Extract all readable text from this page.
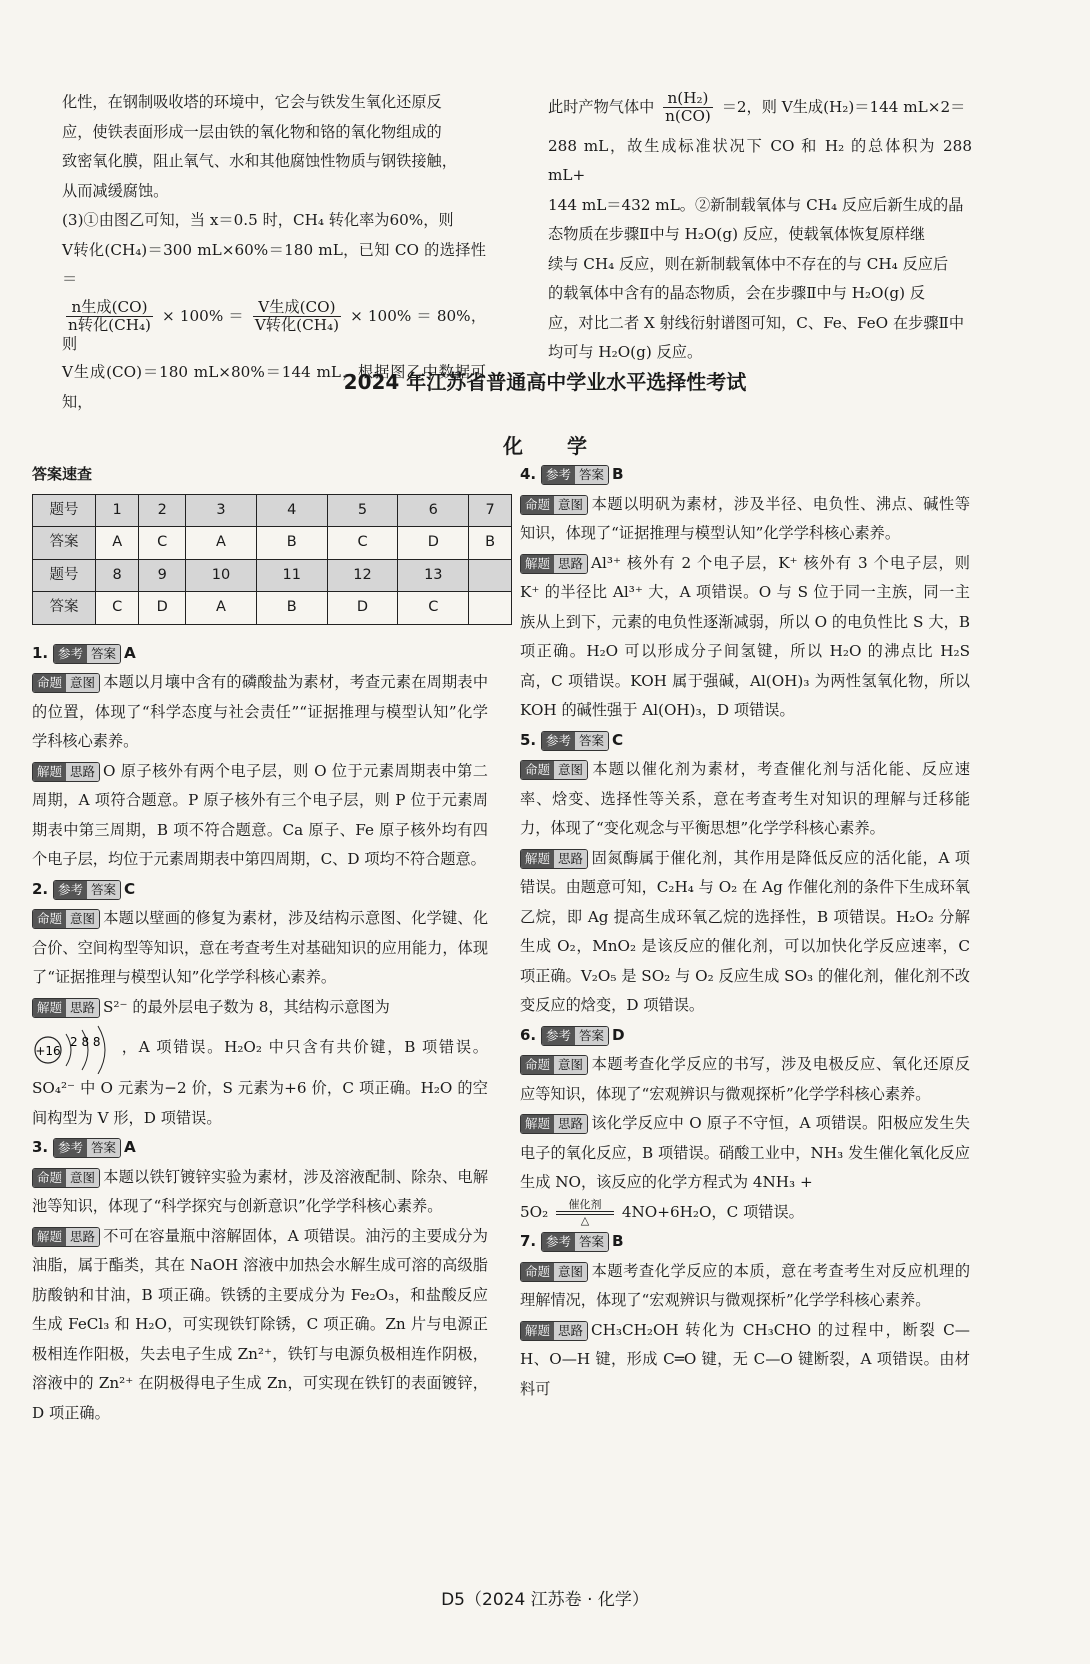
化性，在钢制吸收塔的环境中，它会与铁发生氧化还原反

应，使铁表面形成一层由铁的氧化物和铬的氧化物组成的

致密氧化膜，阻止氧气、水和其他腐蚀性物质与钢铁接触，

从而减缓腐蚀。

(3)①由图乙可知，当 x＝0.5 时，CH₄ 转化率为60%，则

V转化(CH₄)＝300 mL×60%＝180 mL，已知 CO 的选择性＝

$\frac{\text{n生成(CO)}}{\text{n转化(CH₄)}} \times 100\% = \frac{\text{V生成(CO)}}{\text{V转化(CH₄)}} \times 100\% = 80\%$，则

V生成(CO)＝180 mL×80%＝144 mL，根据图乙中数据可知，

此时产物气体中 $\frac{\text{n(H₂)}}{n(CO)} =2$，则 V生成(H₂)＝144 mL×2＝

288 mL，故生成标准状况下 CO 和 H₂ 的总体积为 288 mL+

144 mL＝432 mL。②新制载氧体与 CH₄ 反应后新生成的晶

态物质在步骤Ⅱ中与 H₂O(g) 反应，使载氧体恢复原样继

续与 CH₄ 反应，则在新制载氧体中不存在的与 CH₄ 反应后

的载氧体中含有的晶态物质，会在步骤Ⅱ中与 H₂O(g) 反

应，对比二者 X 射线衍射谱图可知，C、Fe、FeO 在步骤Ⅱ中

均可与 H₂O(g) 反应。

2024 年江苏省普通高中学业水平选择性考试
化 学
答案速查
题号	1	2	3	4	5	6	7
答案	A	C	A	B	C	D	B
题号	8	9	10	11	12	13	
答案	C	D	A	B	D	C	
1. 参考 答案 A

命题 意图 本题以月壤中含有的磷酸盐为素材，考查元素在周期表中的位置，体现了“科学态度与社会责任”“证据推理与模型认知”化学学科核心素养。

解题 思路 O 原子核外有两个电子层，则 O 位于元素周期表中第二周期，A 项符合题意。P 原子核外有三个电子层，则 P 位于元素周期表中第三周期，B 项不符合题意。Ca 原子、Fe 原子核外均有四个电子层，均位于元素周期表中第四周期，C、D 项均不符合题意。

2. 参考 答案 C

命题 意图 本题以壁画的修复为素材，涉及结构示意图、化学键、化合价、空间构型等知识，意在考查考生对基础知识的应用能力，体现了“证据推理与模型认知”化学学科核心素养。

解题 思路 S²⁻ 的最外层电子数为 8，其结构示意图为

+16
2 8 8 ，A 项错误。H₂O₂ 中只含有共价键，B 项错误。SO₄²⁻ 中 O 元素为−2 价，S 元素为+6 价，C 项正确。H₂O 的空间构型为 V 形，D 项错误。

3. 参考 答案 A

命题 意图 本题以铁钉镀锌实验为素材，涉及溶液配制、除杂、电解池等知识，体现了“科学探究与创新意识”化学学科核心素养。

解题 思路 不可在容量瓶中溶解固体，A 项错误。油污的主要成分为油脂，属于酯类，其在 NaOH 溶液中加热会水解生成可溶的高级脂肪酸钠和甘油，B 项正确。铁锈的主要成分为 Fe₂O₃，和盐酸反应生成 FeCl₃ 和 H₂O，可实现铁钉除锈，C 项正确。Zn 片与电源正极相连作阳极，失去电子生成 Zn²⁺，铁钉与电源负极相连作阴极，溶液中的 Zn²⁺ 在阴极得电子生成 Zn，可实现在铁钉的表面镀锌，D 项正确。

4. 参考 答案 B

命题 意图 本题以明矾为素材，涉及半径、电负性、沸点、碱性等知识，体现了“证据推理与模型认知”化学学科核心素养。

解题 思路 Al³⁺ 核外有 2 个电子层，K⁺ 核外有 3 个电子层，则 K⁺ 的半径比 Al³⁺ 大，A 项错误。O 与 S 位于同一主族，同一主族从上到下，元素的电负性逐渐减弱，所以 O 的电负性比 S 大，B 项正确。H₂O 可以形成分子间氢键，所以 H₂O 的沸点比 H₂S 高，C 项错误。KOH 属于强碱，Al(OH)₃ 为两性氢氧化物，所以 KOH 的碱性强于 Al(OH)₃，D 项错误。

5. 参考 答案 C

命题 意图 本题以催化剂为素材，考查催化剂与活化能、反应速率、焓变、选择性等关系，意在考查考生对知识的理解与迁移能力，体现了“变化观念与平衡思想”化学学科核心素养。

解题 思路 固氮酶属于催化剂，其作用是降低反应的活化能，A 项错误。由题意可知，C₂H₄ 与 O₂ 在 Ag 作催化剂的条件下生成环氧乙烷，即 Ag 提高生成环氧乙烷的选择性，B 项错误。H₂O₂ 分解生成 O₂，MnO₂ 是该反应的催化剂，可以加快化学反应速率，C 项正确。V₂O₅ 是 SO₂ 与 O₂ 反应生成 SO₃ 的催化剂，催化剂不改变反应的焓变，D 项错误。

6. 参考 答案 D

命题 意图 本题考查化学反应的书写，涉及电极反应、氧化还原反应等知识，体现了“宏观辨识与微观探析”化学学科核心素养。

解题 思路 该化学反应中 O 原子不守恒，A 项错误。阳极应发生失电子的氧化反应，B 项错误。硝酸工业中，NH₃ 发生催化氧化反应生成 NO，该反应的化学方程式为 4NH₃ +

5O₂	催化剂
△	4NO+6H₂O，C 项错误。

7. 参考 答案 B

命题 意图 本题考查化学反应的本质，意在考查考生对反应机理的理解情况，体现了“宏观辨识与微观探析”化学学科核心素养。

解题 思路 CH₃CH₂OH 转化为 CH₃CHO 的过程中，断裂 C—H、O—H 键，形成 C═O 键，无 C—O 键断裂，A 项错误。由材料可

D5（2024 江苏卷 · 化学）
